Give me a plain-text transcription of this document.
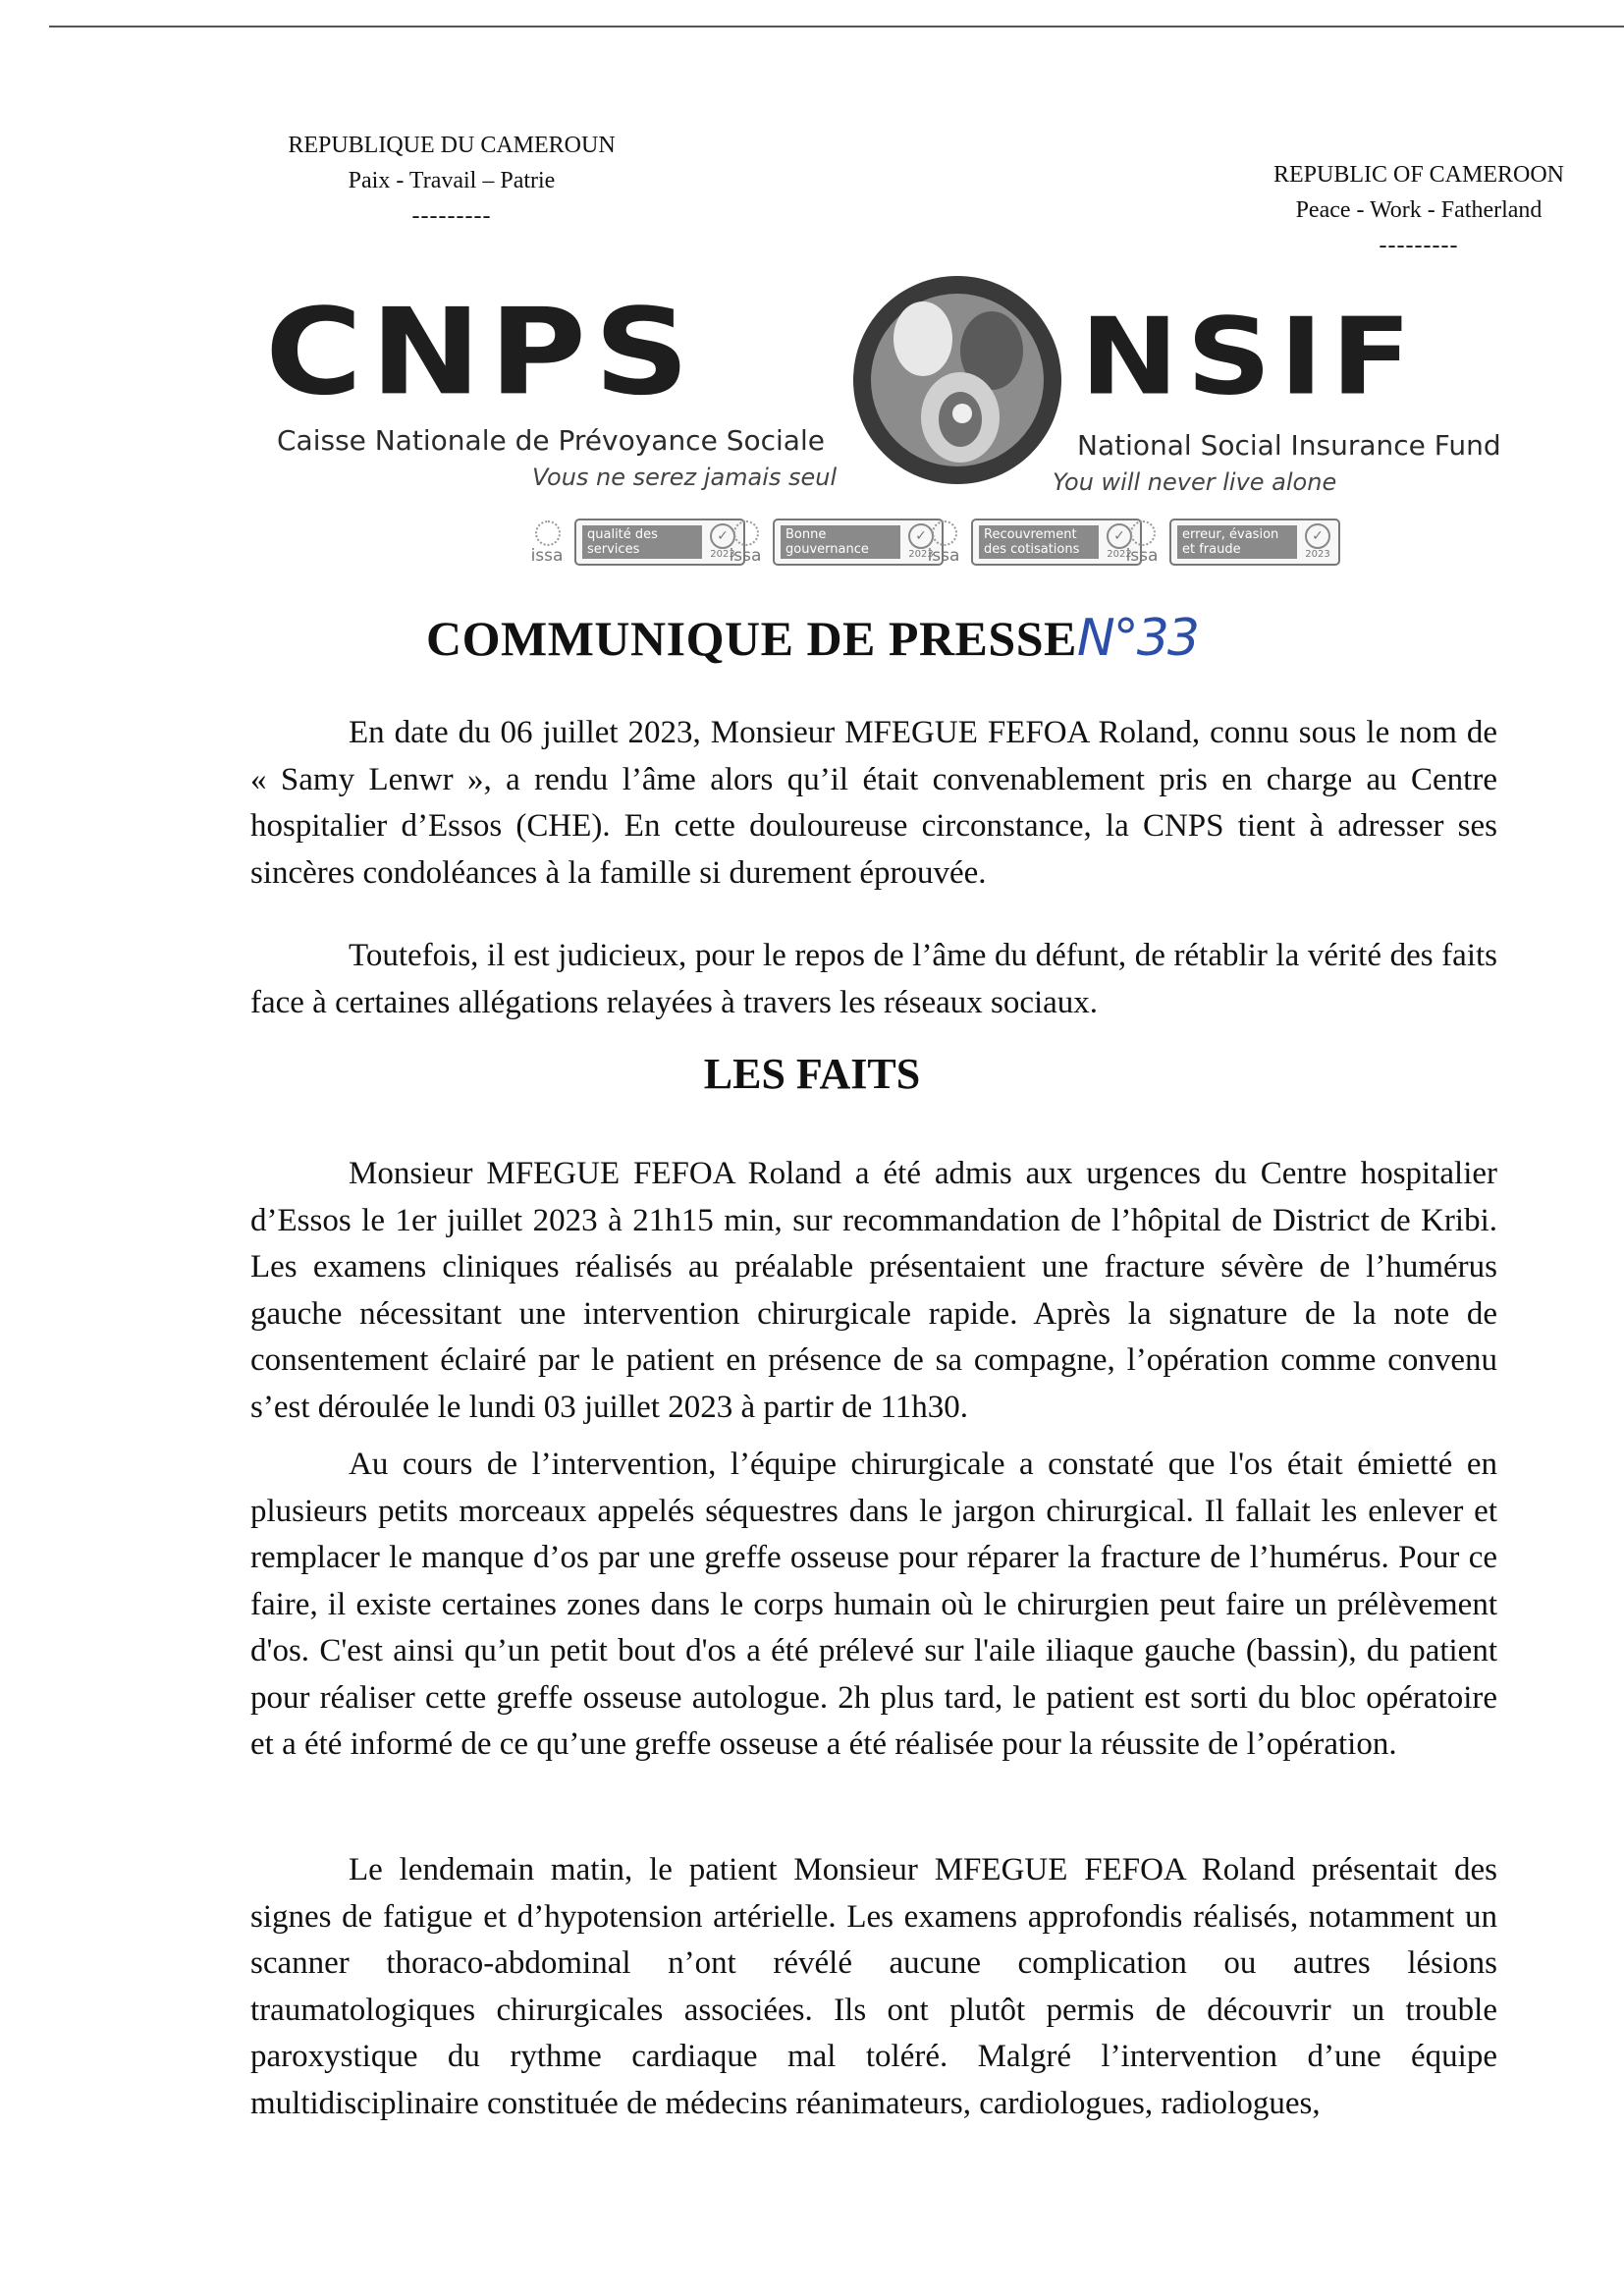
REPUBLIQUE DU CAMEROUN
Paix - Travail – Patrie
---------
REPUBLIC OF CAMEROON
Peace - Work - Fatherland
---------
CNPS	NSIF
Caisse Nationale de Prévoyance Sociale	National Social Insurance Fund
Vous ne serez jamais seul	You will never live alone
issa
qualité des services
✓
2023
issa
Bonne gouvernance
✓
2023
issa
Recouvrement des cotisations
✓
2022
issa
erreur, évasion et fraude
✓
2023
COMMUNIQUE DE PRESSEN°33
En date du 06 juillet 2023, Monsieur MFEGUE FEFOA Roland, connu sous le nom de « Samy Lenwr », a rendu l’âme alors qu’il était convenablement pris en charge au Centre hospitalier d’Essos (CHE). En cette douloureuse circonstance, la CNPS tient à adresser ses sincères condoléances à la famille si durement éprouvée.
Toutefois, il est judicieux, pour le repos de l’âme du défunt, de rétablir la vérité des faits face à certaines allégations relayées à travers les réseaux sociaux.
LES FAITS
Monsieur MFEGUE FEFOA Roland a été admis aux urgences du Centre hospitalier d’Essos le 1er juillet 2023 à 21h15 min, sur recommandation de l’hôpital de District de Kribi. Les examens cliniques réalisés au préalable présentaient une fracture sévère de l’humérus gauche nécessitant une intervention chirurgicale rapide. Après la signature de la note de consentement éclairé par le patient en présence de sa compagne, l’opération comme convenu s’est déroulée le lundi 03 juillet 2023 à partir de 11h30.
Au cours de l’intervention, l’équipe chirurgicale a constaté que l'os était émietté en plusieurs petits morceaux appelés séquestres dans le jargon chirurgical. Il fallait les enlever et remplacer le manque d’os par une greffe osseuse pour réparer la fracture de l’humérus. Pour ce faire, il existe certaines zones dans le corps humain où le chirurgien peut faire un prélèvement d'os. C'est ainsi qu’un petit bout d'os a été prélevé sur l'aile iliaque gauche (bassin), du patient pour réaliser cette greffe osseuse autologue. 2h plus tard, le patient est sorti du bloc opératoire et a été informé de ce qu’une greffe osseuse a été réalisée pour la réussite de l’opération.
Le lendemain matin, le patient Monsieur MFEGUE FEFOA Roland présentait des signes de fatigue et d’hypotension artérielle. Les examens approfondis réalisés, notamment un scanner thoraco-abdominal n’ont révélé aucune complication ou autres lésions traumatologiques chirurgicales associées. Ils ont plutôt permis de découvrir un trouble paroxystique du rythme cardiaque mal toléré. Malgré l’intervention d’une équipe multidisciplinaire constituée de médecins réanimateurs, cardiologues, radiologues,
